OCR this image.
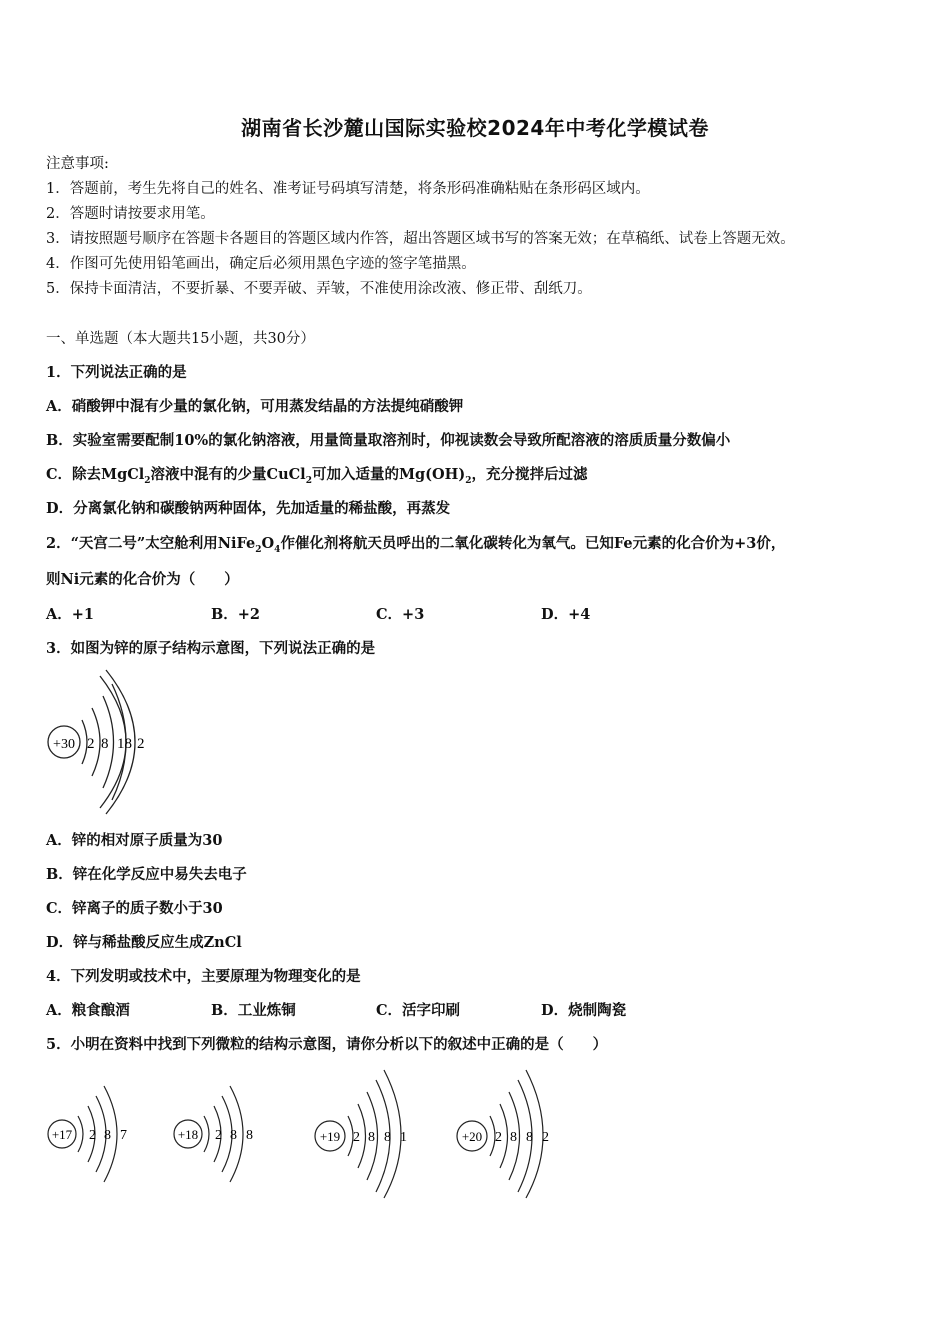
湖南省长沙麓山国际实验校2024年中考化学模试卷
注意事项:
1．答题前，考生先将自己的姓名、准考证号码填写清楚，将条形码准确粘贴在条形码区域内。
2．答题时请按要求用笔。
3．请按照题号顺序在答题卡各题目的答题区域内作答，超出答题区域书写的答案无效；在草稿纸、试卷上答题无效。
4．作图可先使用铅笔画出，确定后必须用黑色字迹的签字笔描黑。
5．保持卡面清洁，不要折暴、不要弄破、弄皱，不准使用涂改液、修正带、刮纸刀。
一、单选题（本大题共15小题，共30分）
1．下列说法正确的是
A．硝酸钾中混有少量的氯化钠，可用蒸发结晶的方法提纯硝酸钾
B．实验室需要配制10%的氯化钠溶液，用量筒量取溶剂时，仰视读数会导致所配溶液的溶质质量分数偏小
C．除去MgCl$_2$溶液中混有的少量CuCl$_2$可加入适量的$Mg(OH)_2$，充分搅拌后过滤
D．分离氯化钠和碳酸钠两种固体，先加适量的稀盐酸，再蒸发
2．“天宫二号”太空舱利用$NiFe_2O_4$作催化剂将航天员呼出的二氧化碳转化为氧气。已知Fe元素的化合价为+3价，
则Ni元素的化合价为（　　）
A．+1	B．+2	C．+3	D．+4
3．如图为锌的原子结构示意图，下列说法正确的是
+30 2 8 18 2
A．锌的相对原子质量为30
B．锌在化学反应中易失去电子
C．锌离子的质子数小于30
D．锌与稀盐酸反应生成ZnCl
4．下列发明或技术中，主要原理为物理变化的是
A．粮食酿酒	B．工业炼铜	C．活字印刷	D．烧制陶瓷
5．小明在资料中找到下列微粒的结构示意图，请你分析以下的叙述中正确的是（　　）
+17 2 8 7	+18 2 8 8	+19 2 8 8 1	+20 2 8 8 2
